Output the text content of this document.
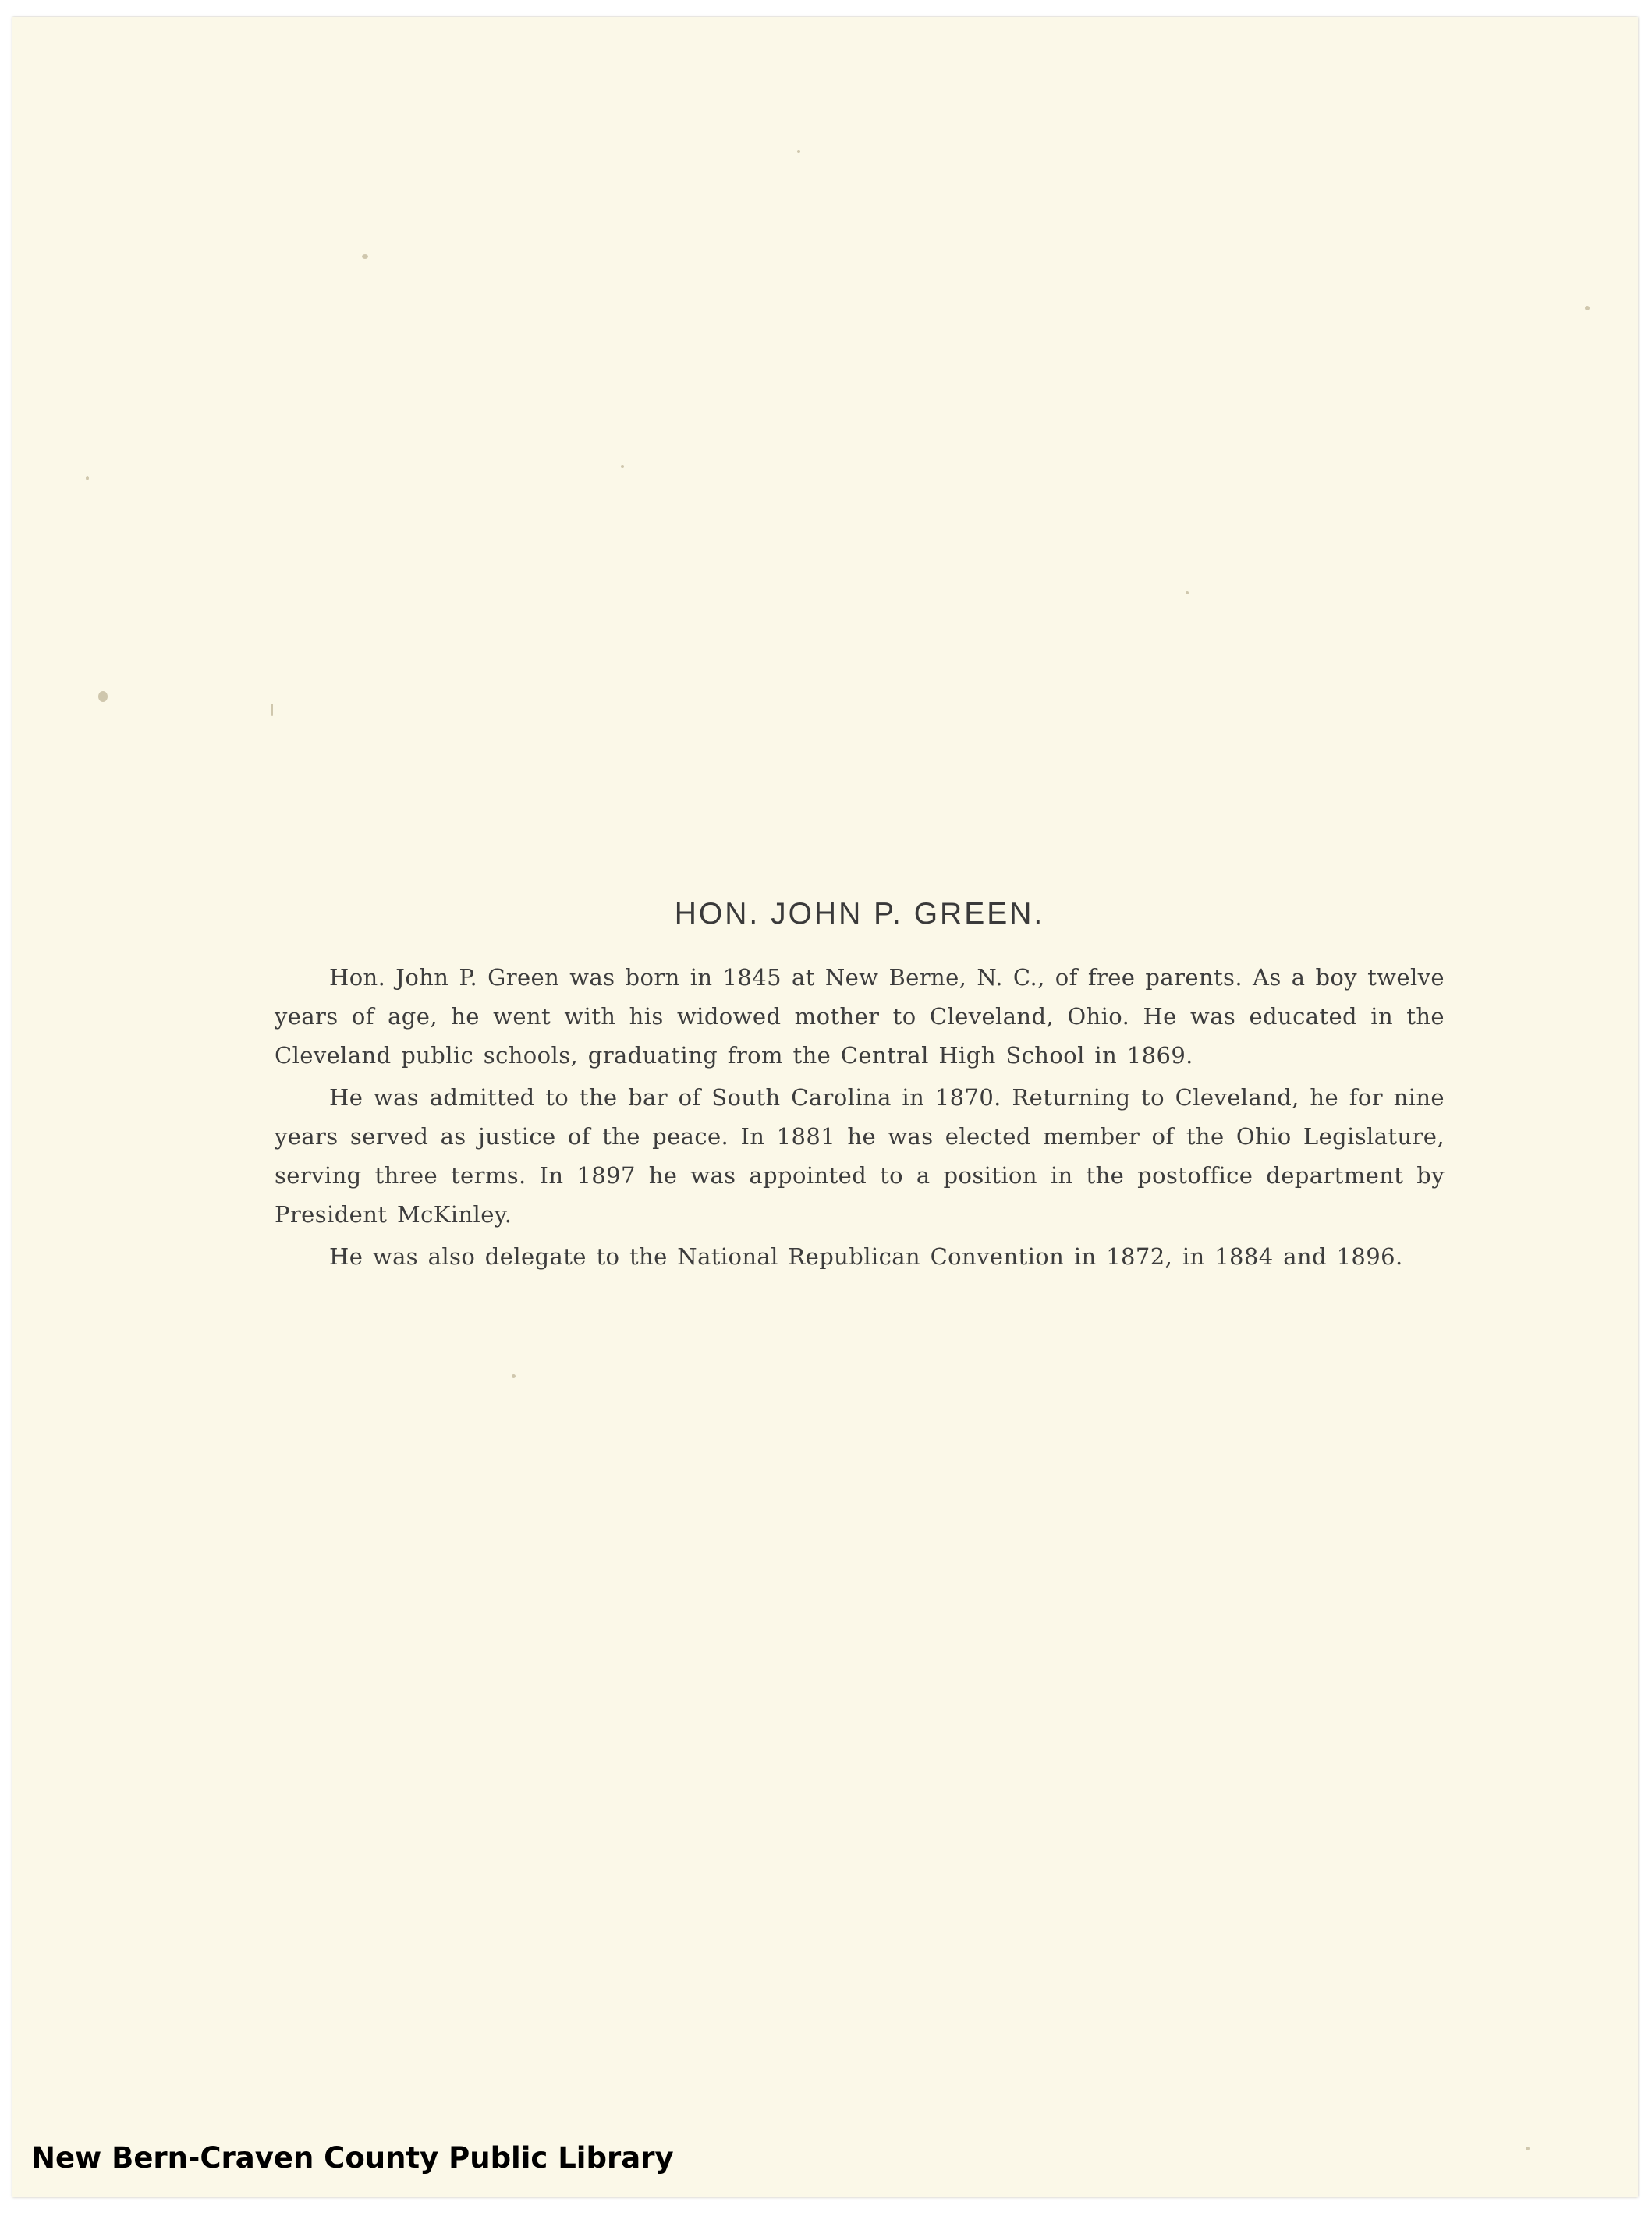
HON. JOHN P. GREEN.

Hon. John P. Green was born in 1845 at New Berne, N. C., of free parents. As a boy twelve years of age, he went with his widowed mother to Cleveland, Ohio. He was educated in the Cleveland public schools, graduating from the Central High School in 1869.

He was admitted to the bar of South Carolina in 1870. Returning to Cleveland, he for nine years served as justice of the peace. In 1881 he was elected member of the Ohio Legislature, serving three terms. In 1897 he was appointed to a position in the postoffice department by President McKinley.

He was also delegate to the National Republican Convention in 1872, in 1884 and 1896.

New Bern-Craven County Public Library
